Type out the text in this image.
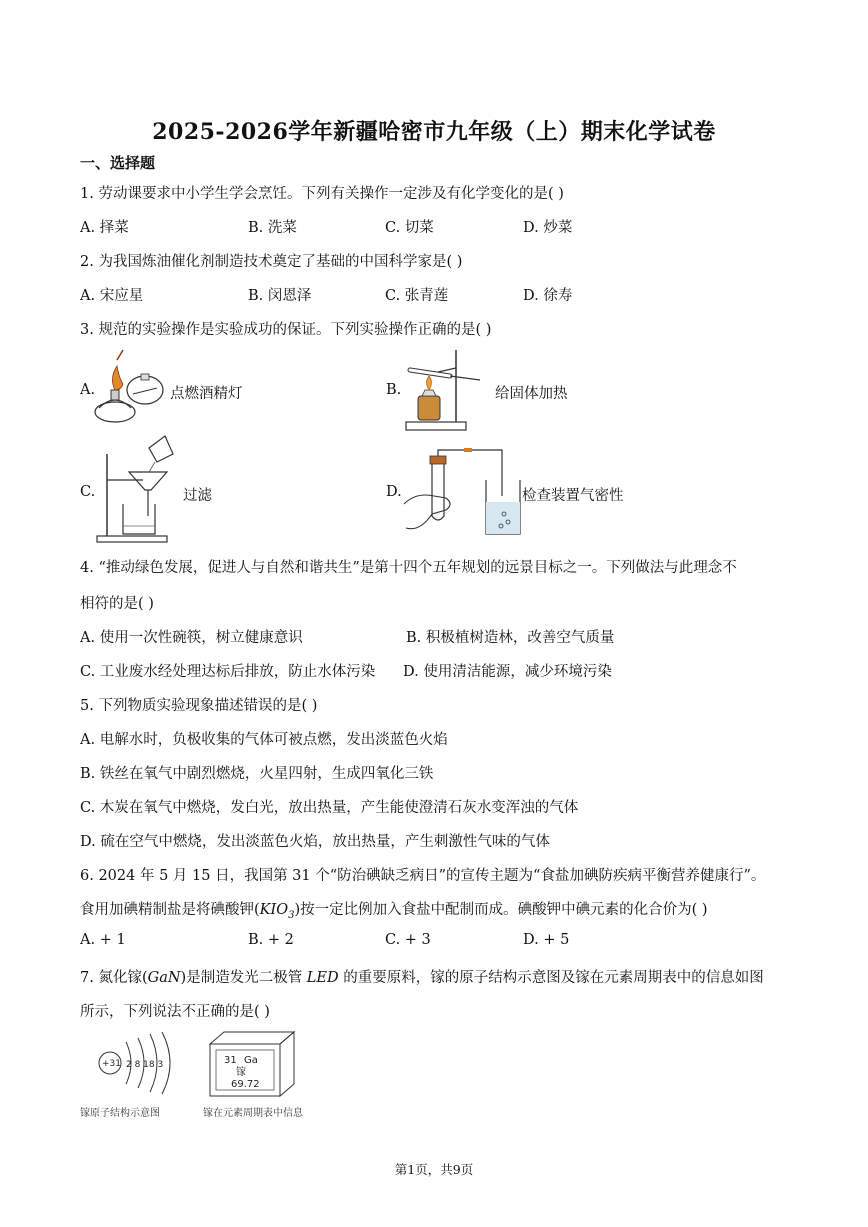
2025-2026学年新疆哈密市九年级（上）期末化学试卷
一、选择题
1. 劳动课要求中小学生学会烹饪。下列有关操作一定涉及有化学变化的是( )
A. 择菜	B. 洗菜	C. 切菜	D. 炒菜
2. 为我国炼油催化剂制造技术奠定了基础的中国科学家是( )
A. 宋应星	B. 闵恩泽	C. 张青莲	D. 徐寿
3. 规范的实验操作是实验成功的保证。下列实验操作正确的是( )
A.	点燃酒精灯	B.	给固体加热
C.	过滤	D.	检查装置气密性
4. “推动绿色发展，促进人与自然和谐共生”是第十四个五年规划的远景目标之一。下列做法与此理念不
相符的是( )
A. 使用一次性碗筷，树立健康意识	B. 积极植树造林，改善空气质量
C. 工业废水经处理达标后排放，防止水体污染 D. 使用清洁能源，减少环境污染
5. 下列物质实验现象描述错误的是( )
A. 电解水时，负极收集的气体可被点燃，发出淡蓝色火焰
B. 铁丝在氧气中剧烈燃烧，火星四射，生成四氧化三铁
C. 木炭在氧气中燃烧，发白光，放出热量，产生能使澄清石灰水变浑浊的气体
D. 硫在空气中燃烧，发出淡蓝色火焰，放出热量，产生刺激性气味的气体
6. 2024 年 5 月 15 日，我国第 31 个“防治碘缺乏病日”的宣传主题为“食盐加碘防疾病平衡营养健康行”。
食用加碘精制盐是将碘酸钾$(KIO_3)$按一定比例加入食盐中配制而成。碘酸钾中碘元素的化合价为( )
A. + 1	B. + 2	C. + 3	D. + 5
7. 氮化镓(GaN)是制造发光二极管 LED 的重要原料，镓的原子结构示意图及镓在元素周期表中的信息如图
所示，下列说法不正确的是( )
+31 2 8 18 3	31 Ga
镓
69.72
镓原子结构示意图	镓在元素周期表中信息
第1页，共9页
